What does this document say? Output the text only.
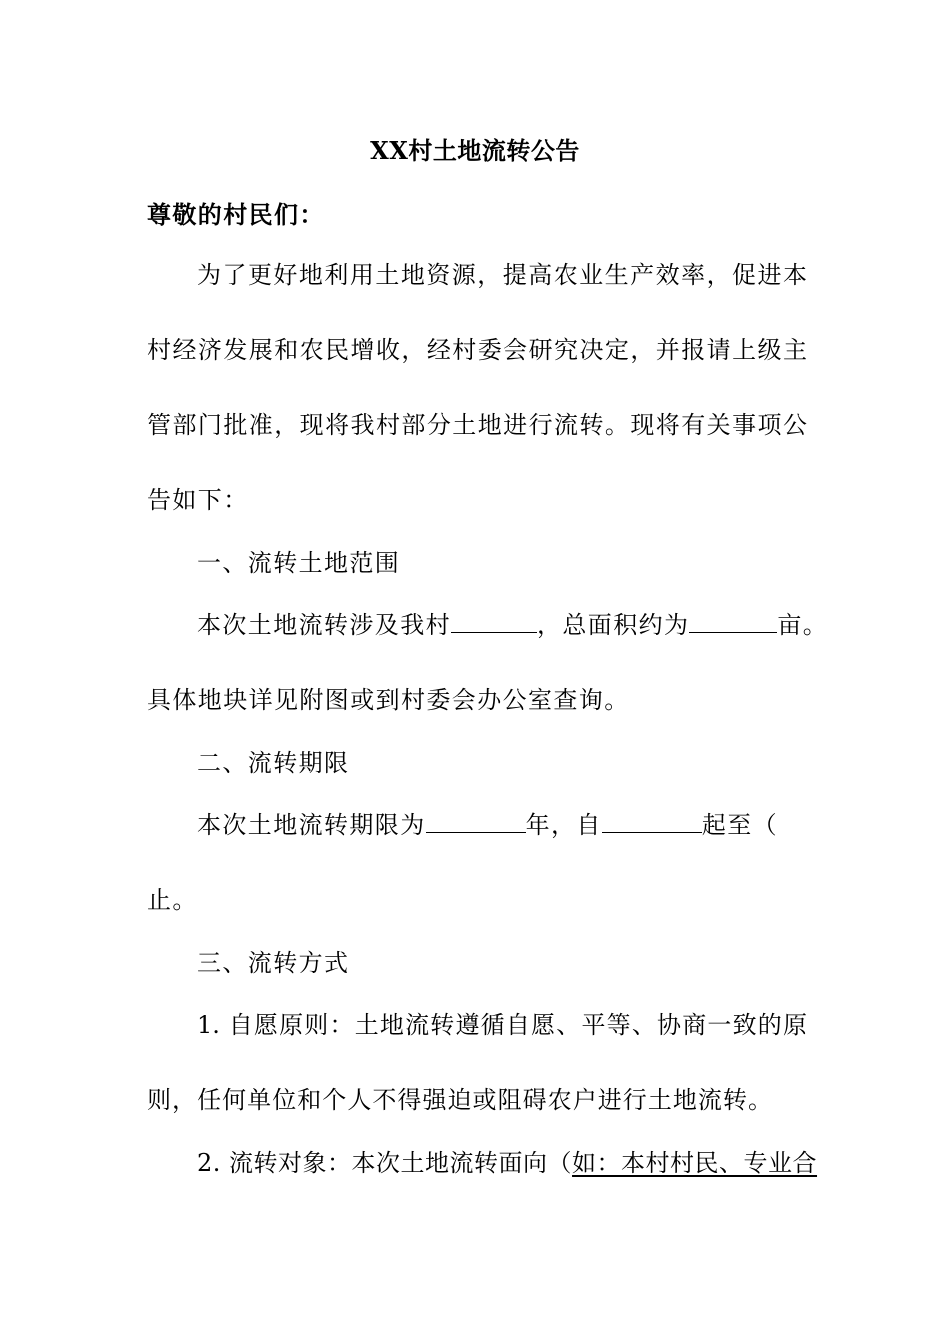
XX村土地流转公告
尊敬的村民们：
为了更好地利用土地资源，提高农业生产效率，促进本
村经济发展和农民增收，经村委会研究决定，并报请上级主
管部门批准，现将我村部分土地进行流转。现将有关事项公
告如下：
一、流转土地范围
本次土地流转涉及我村	，总面积约为	亩。
具体地块详见附图或到村委会办公室查询。
二、流转期限
本次土地流转期限为	年，自	起至（
止。
三、流转方式
1. 自愿原则：土地流转遵循自愿、平等、协商一致的原
则，任何单位和个人不得强迫或阻碍农户进行土地流转。
2. 流转对象：本次土地流转面向（如：本村村民、专业合
